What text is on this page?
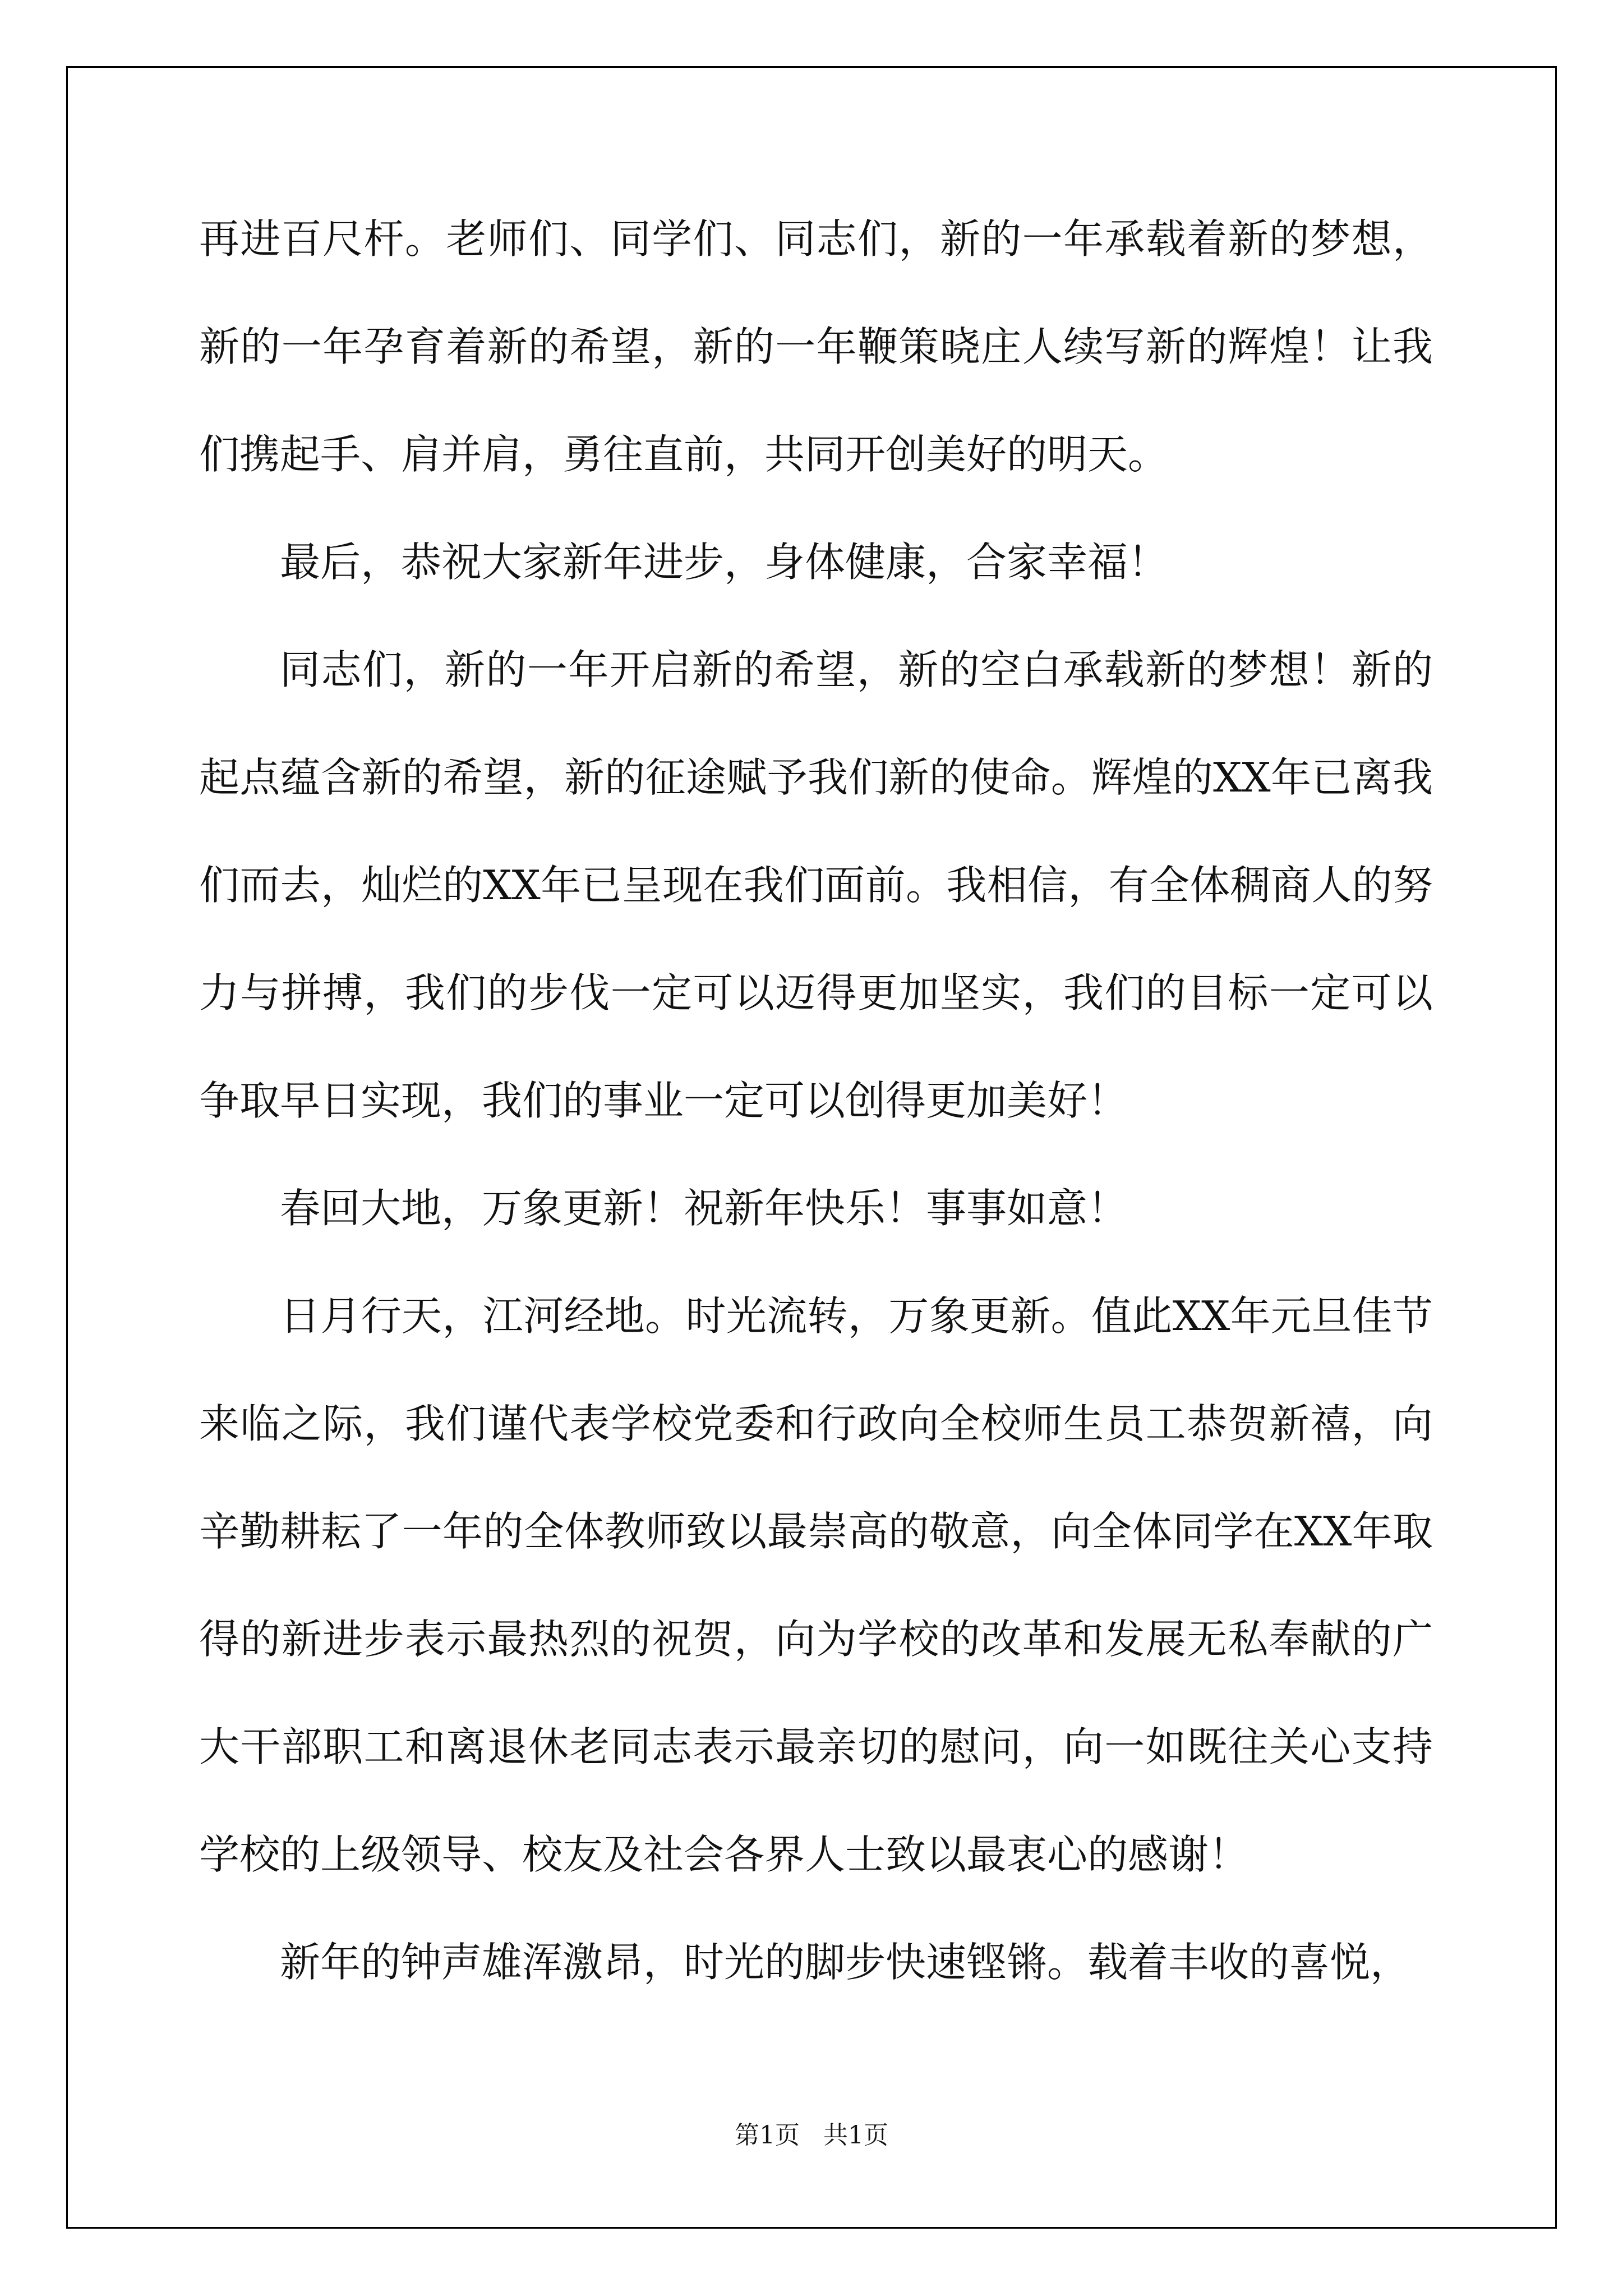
再进百尺杆。老师们、同学们、同志们，新的一年承载着新的梦想，新的一年孕育着新的希望，新的一年鞭策晓庄人续写新的辉煌！让我们携起手、肩并肩，勇往直前，共同开创美好的明天。

最后，恭祝大家新年进步，身体健康，合家幸福！

同志们，新的一年开启新的希望，新的空白承载新的梦想！新的起点蕴含新的希望，新的征途赋予我们新的使命。辉煌的XX年已离我们而去，灿烂的XX年已呈现在我们面前。我相信，有全体稠商人的努力与拼搏，我们的步伐一定可以迈得更加坚实，我们的目标一定可以争取早日实现，我们的事业一定可以创得更加美好！

春回大地，万象更新！祝新年快乐！事事如意！

日月行天，江河经地。时光流转，万象更新。值此XX年元旦佳节来临之际，我们谨代表学校党委和行政向全校师生员工恭贺新禧，向辛勤耕耘了一年的全体教师致以最崇高的敬意，向全体同学在XX年取得的新进步表示最热烈的祝贺，向为学校的改革和发展无私奉献的广大干部职工和离退休老同志表示最亲切的慰问，向一如既往关心支持学校的上级领导、校友及社会各界人士致以最衷心的感谢！

新年的钟声雄浑激昂，时光的脚步快速铿锵。载着丰收的喜悦，

第1页 共1页
